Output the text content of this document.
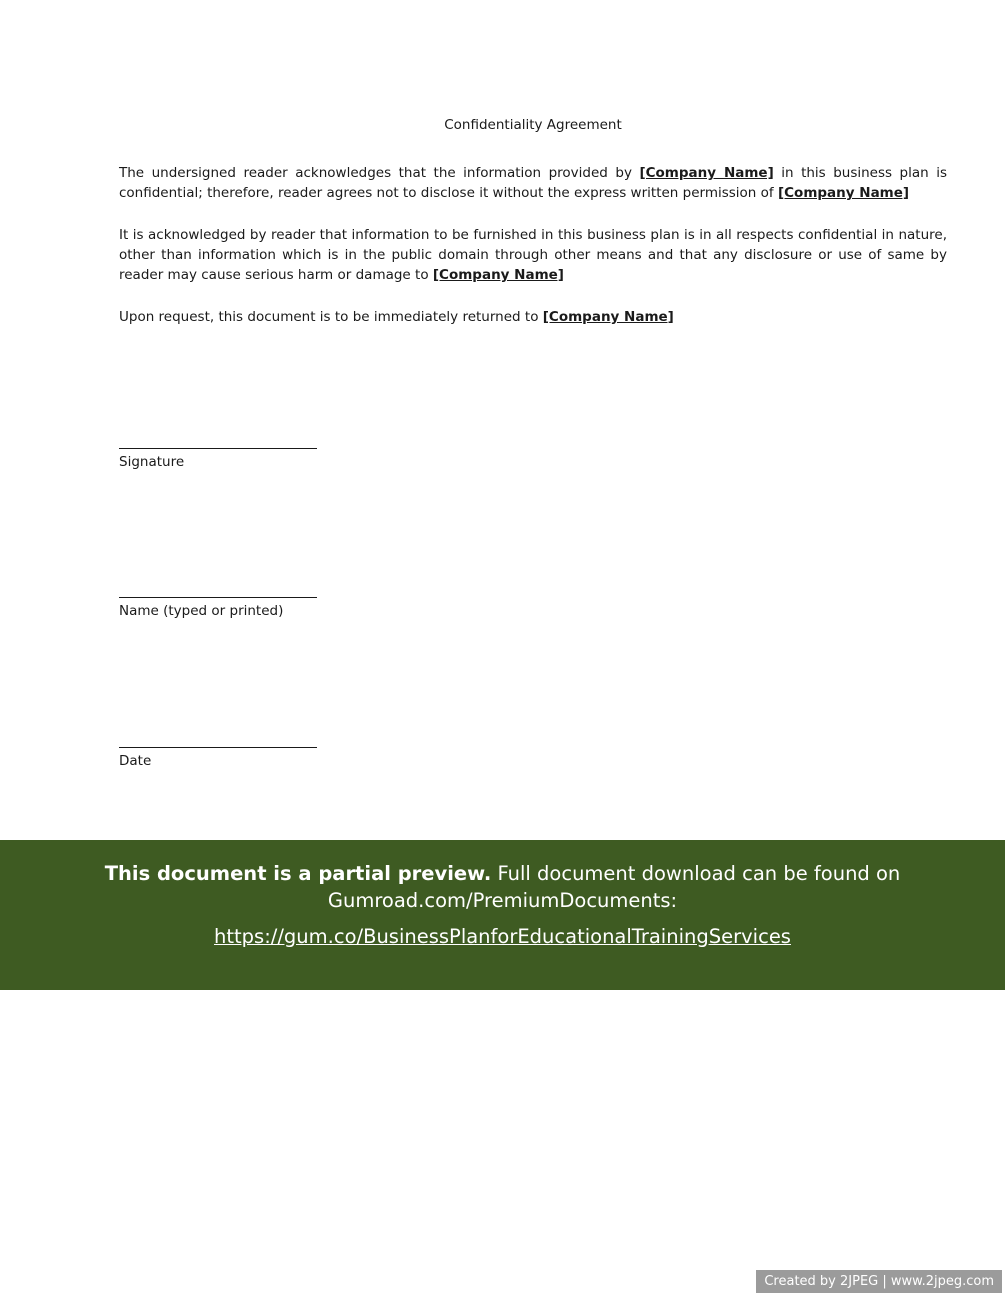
Confidentiality Agreement

The undersigned reader acknowledges that the information provided by [Company Name] in this business plan is confidential; therefore, reader agrees not to disclose it without the express written permission of [Company Name]

It is acknowledged by reader that information to be furnished in this business plan is in all respects confidential in nature, other than information which is in the public domain through other means and that any disclosure or use of same by reader may cause serious harm or damage to [Company Name]

Upon request, this document is to be immediately returned to [Company Name]

Signature
Name (typed or printed)
Date
This document is a partial preview. Full document download can be found on Gumroad.com/PremiumDocuments:
https://gum.co/BusinessPlanforEducationalTrainingServices
Created by 2JPEG | www.2jpeg.com
